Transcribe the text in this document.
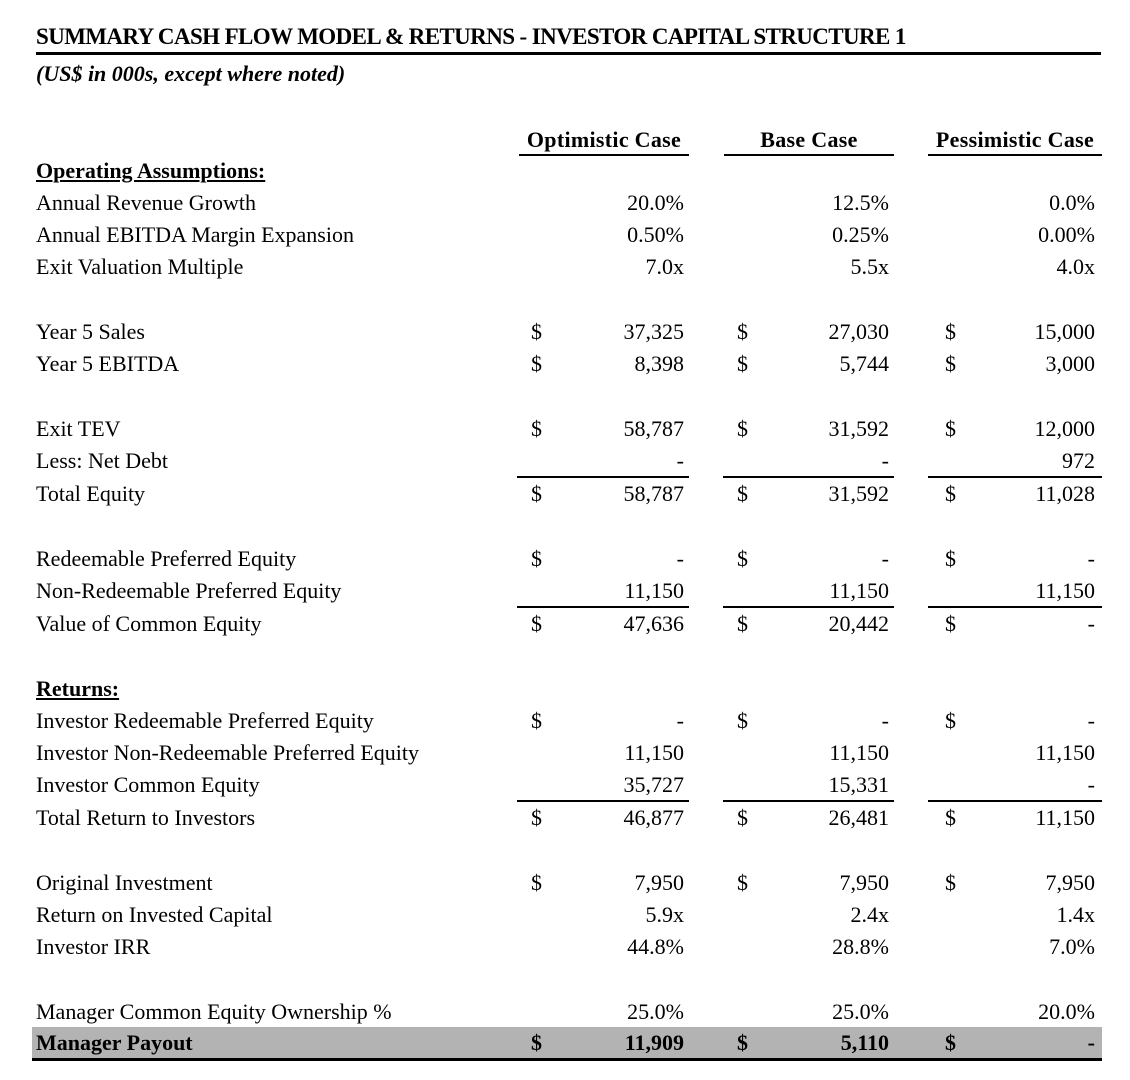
SUMMARY CASH FLOW MODEL & RETURNS - INVESTOR CAPITAL STRUCTURE 1
(US$ in 000s, except where noted)
Optimistic Case	Base Case	Pessimistic Case
Operating Assumptions:
Annual Revenue Growth	20.0%	12.5%	0.0%
Annual EBITDA Margin Expansion	0.50%	0.25%	0.00%
Exit Valuation Multiple	7.0x	5.5x	4.0x
Year 5 Sales	$	37,325 $	27,030	$	15,000
Year 5 EBITDA	$	8,398 $	5,744	$	3,000
Exit TEV	$	58,787 $	31,592	$	12,000
Less: Net Debt	-	-	972
Total Equity	$	58,787 $	31,592	$	11,028
Redeemable Preferred Equity	$	- $	-	$	-
Non-Redeemable Preferred Equity	11,150	11,150	11,150
Value of Common Equity	$	47,636 $	20,442	$	-
Returns:
Investor Redeemable Preferred Equity	$	- $	-	$	-
Investor Non-Redeemable Preferred Equity	11,150	11,150	11,150
Investor Common Equity	35,727	15,331	-
Total Return to Investors	$	46,877 $	26,481	$	11,150
Original Investment	$	7,950 $	7,950	$	7,950
Return on Invested Capital	5.9x	2.4x	1.4x
Investor IRR	44.8%	28.8%	7.0%
Manager Common Equity Ownership %	25.0%	25.0%	20.0%
Manager Payout	$	11,909 $	5,110	$	-
